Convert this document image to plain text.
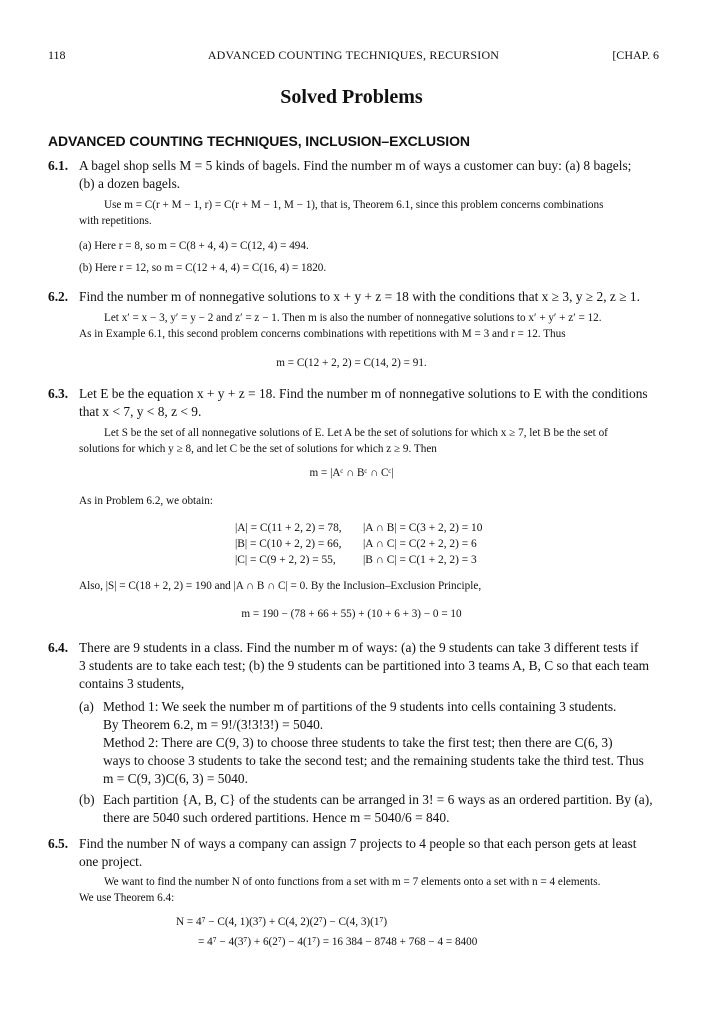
118	ADVANCED COUNTING TECHNIQUES, RECURSION	[CHAP. 6
Solved Problems
ADVANCED COUNTING TECHNIQUES, INCLUSION–EXCLUSION
6.1. A bagel shop sells M = 5 kinds of bagels. Find the number m of ways a customer can buy: (a) 8 bagels;
(b) a dozen bagels.
Use m = C(r + M − 1, r) = C(r + M − 1, M − 1), that is, Theorem 6.1, since this problem concerns combinations
with repetitions.
(a) Here r = 8, so m = C(8 + 4, 4) = C(12, 4) = 494.
(b) Here r = 12, so m = C(12 + 4, 4) = C(16, 4) = 1820.
6.2. Find the number m of nonnegative solutions to x + y + z = 18 with the conditions that x ≥ 3, y ≥ 2, z ≥ 1.
Let x′ = x − 3, y′ = y − 2 and z′ = z − 1. Then m is also the number of nonnegative solutions to x′ + y′ + z′ = 12.
As in Example 6.1, this second problem concerns combinations with repetitions with M = 3 and r = 12. Thus
m = C(12 + 2, 2) = C(14, 2) = 91.
6.3. Let E be the equation x + y + z = 18. Find the number m of nonnegative solutions to E with the conditions
that x < 7, y < 8, z < 9.
Let S be the set of all nonnegative solutions of E. Let A be the set of solutions for which x ≥ 7, let B be the set of
solutions for which y ≥ 8, and let C be the set of solutions for which z ≥ 9. Then
m = |Aᶜ ∩ Bᶜ ∩ Cᶜ|
As in Problem 6.2, we obtain:
|A| = C(11 + 2, 2) = 78, |A ∩ B| = C(3 + 2, 2) = 10
|B| = C(10 + 2, 2) = 66, |A ∩ C| = C(2 + 2, 2) = 6
|C| = C(9 + 2, 2) = 55, |B ∩ C| = C(1 + 2, 2) = 3
Also, |S| = C(18 + 2, 2) = 190 and |A ∩ B ∩ C| = 0. By the Inclusion–Exclusion Principle,
m = 190 − (78 + 66 + 55) + (10 + 6 + 3) − 0 = 10
6.4. There are 9 students in a class. Find the number m of ways: (a) the 9 students can take 3 different tests if
3 students are to take each test; (b) the 9 students can be partitioned into 3 teams A, B, C so that each team
contains 3 students,
(a) Method 1: We seek the number m of partitions of the 9 students into cells containing 3 students.
By Theorem 6.2, m = 9!/(3!3!3!) = 5040.
Method 2: There are C(9, 3) to choose three students to take the first test; then there are C(6, 3)
ways to choose 3 students to take the second test; and the remaining students take the third test. Thus
m = C(9, 3)C(6, 3) = 5040.
(b) Each partition {A, B, C} of the students can be arranged in 3! = 6 ways as an ordered partition. By (a),
there are 5040 such ordered partitions. Hence m = 5040/6 = 840.
6.5. Find the number N of ways a company can assign 7 projects to 4 people so that each person gets at least
one project.
We want to find the number N of onto functions from a set with m = 7 elements onto a set with n = 4 elements.
We use Theorem 6.4:
N = 4⁷ − C(4, 1)(3⁷) + C(4, 2)(2⁷) − C(4, 3)(1⁷)
= 4⁷ − 4(3⁷) + 6(2⁷) − 4(1⁷) = 16 384 − 8748 + 768 − 4 = 8400
